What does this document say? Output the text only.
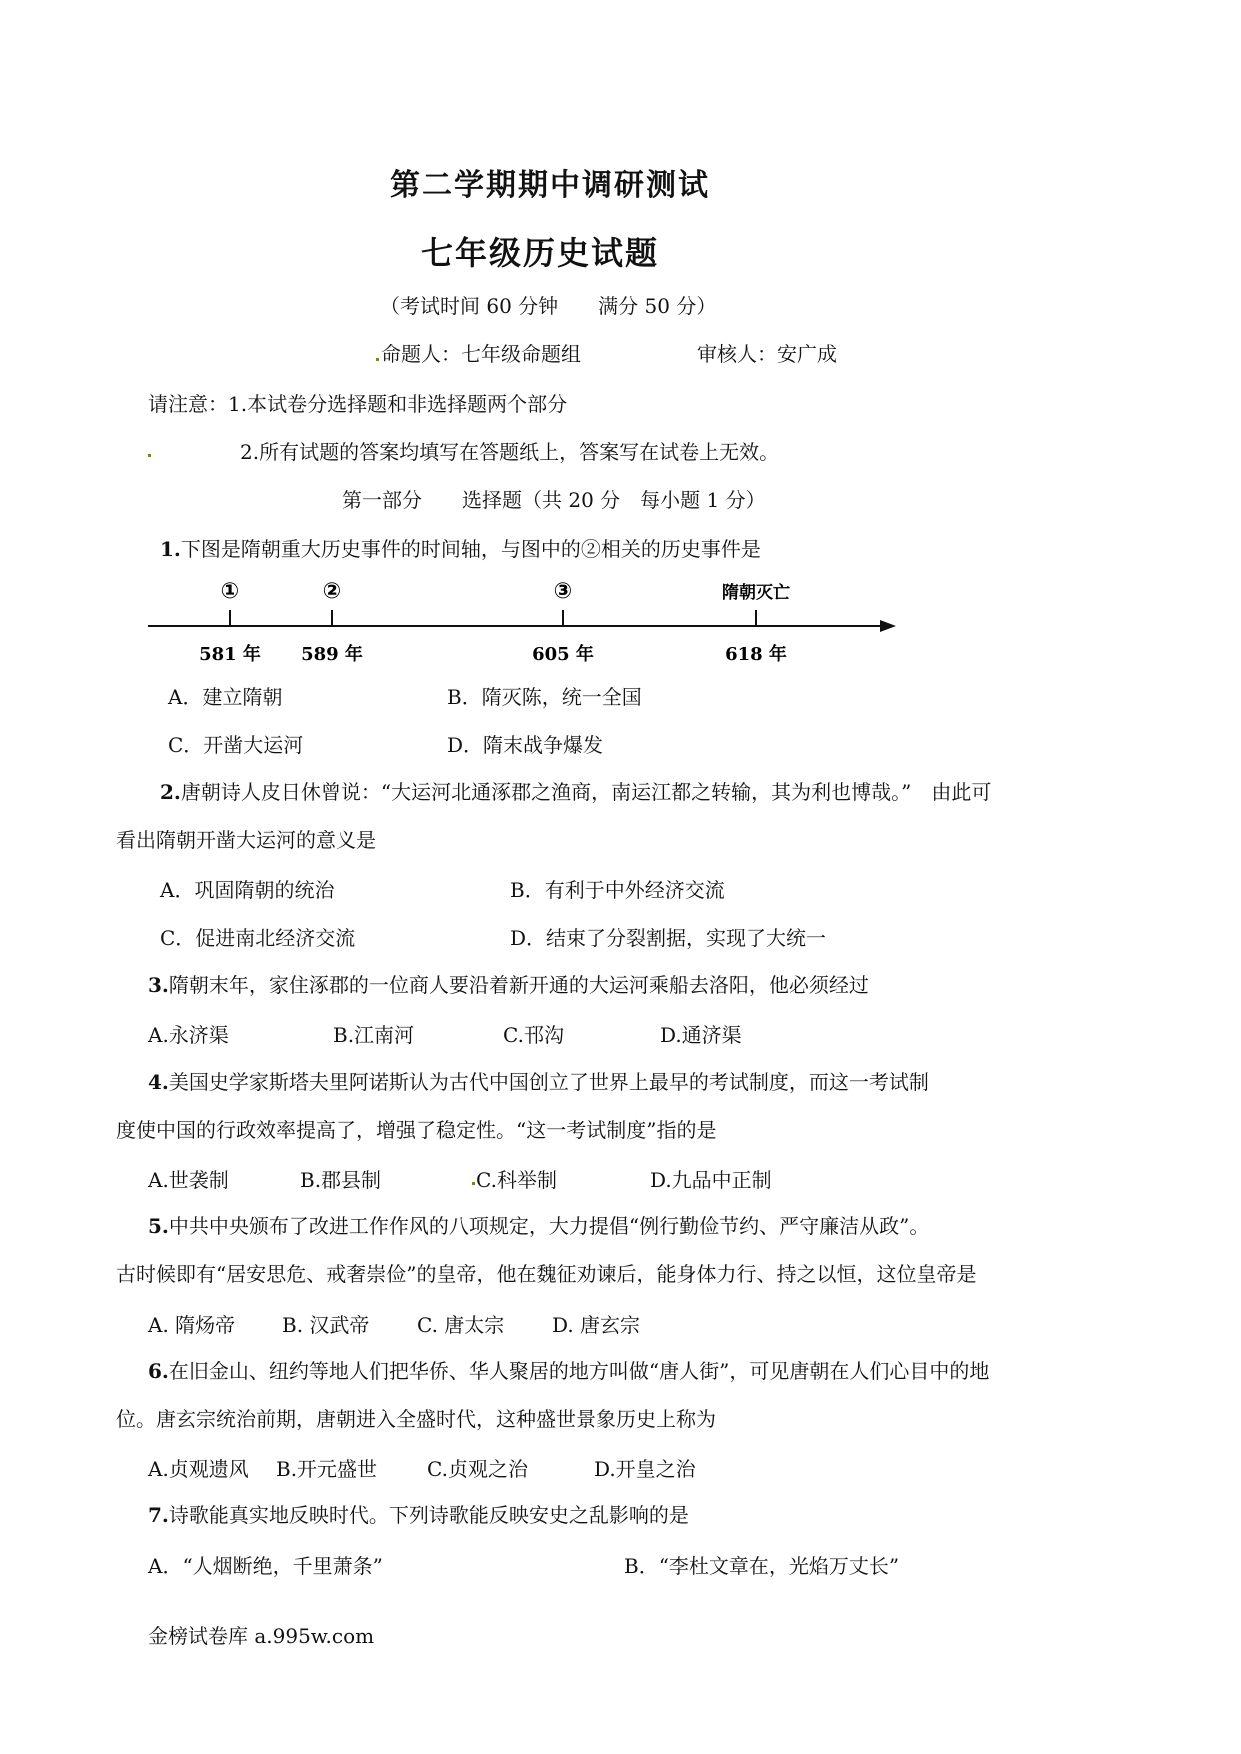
第二学期期中调研测试
七年级历史试题
（考试时间 60 分钟　　满分 50 分）
命题人：七年级命题组	审核人：安广成
请注意：1.本试卷分选择题和非选择题两个部分
2.所有试题的答案均填写在答题纸上，答案写在试卷上无效。
第一部分　　选择题（共 20 分　每小题 1 分）
1.下图是隋朝重大历史事件的时间轴，与图中的②相关的历史事件是
①
581 年
②
589 年
③
605 年
隋朝灭亡
618 年
A．建立隋朝	B．隋灭陈，统一全国
C．开凿大运河	D．隋末战争爆发
2.唐朝诗人皮日休曾说：“大运河北通涿郡之渔商，南运江都之转输，其为利也博哉。”　由此可
看出隋朝开凿大运河的意义是
A．巩固隋朝的统治	B．有利于中外经济交流
C．促进南北经济交流	D．结束了分裂割据，实现了大统一
3.隋朝末年，家住涿郡的一位商人要沿着新开通的大运河乘船去洛阳，他必须经过
A.永济渠	B.江南河	C.邗沟	D.通济渠
4.美国史学家斯塔夫里阿诺斯认为古代中国创立了世界上最早的考试制度，而这一考试制
度使中国的行政效率提高了，增强了稳定性。“这一考试制度”指的是
A.世袭制	B.郡县制	C.科举制	D.九品中正制
5.中共中央颁布了改进工作作风的八项规定，大力提倡“例行勤俭节约、严守廉洁从政”。
古时候即有“居安思危、戒奢崇俭”的皇帝，他在魏征劝谏后，能身体力行、持之以恒，这位皇帝是
A. 隋炀帝 B. 汉武帝 C. 唐太宗 D. 唐玄宗
6.在旧金山、纽约等地人们把华侨、华人聚居的地方叫做“唐人街”，可见唐朝在人们心目中的地
位。唐玄宗统治前期，唐朝进入全盛时代，这种盛世景象历史上称为
A.贞观遗风 B.开元盛世 C.贞观之治	D.开皇之治
7.诗歌能真实地反映时代。下列诗歌能反映安史之乱影响的是
A．“人烟断绝，千里萧条”	B．“李杜文章在，光焰万丈长”
金榜试卷库 a.995w.com
